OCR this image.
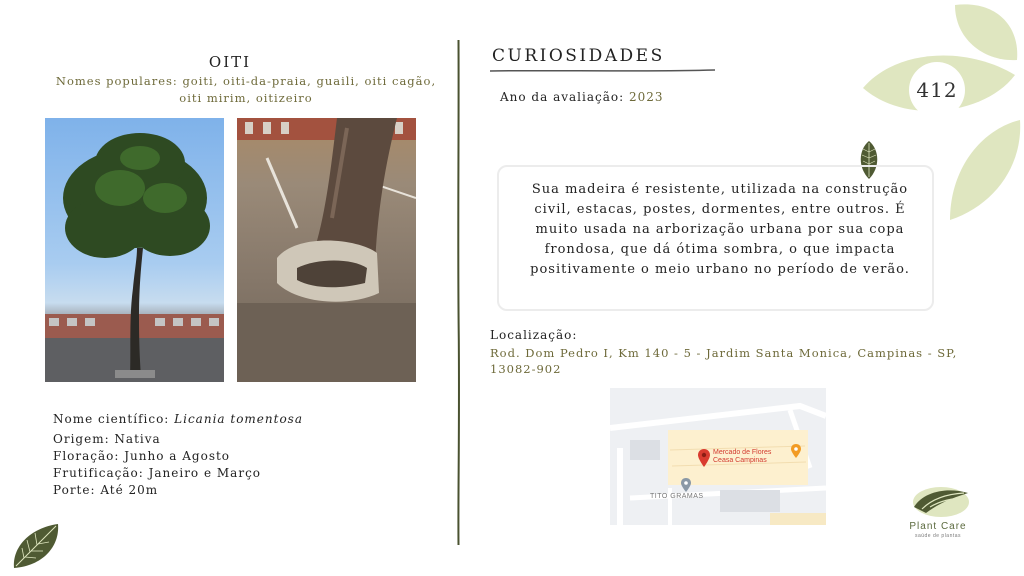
412
OITI
Nomes populares: goiti, oiti-da-praia, guaili, oiti cagão, oiti mirim, oitizeiro
Nome científico: Licania tomentosa
Origem: Nativa
Floração: Junho a Agosto
Frutificação: Janeiro e Março
Porte: Até 20m
CURIOSIDADES
Ano da avaliação: 2023
Sua madeira é resistente, utilizada na construção civil, estacas, postes, dormentes, entre outros. É muito usada na arborização urbana por sua copa frondosa, que dá ótima sombra, o que impacta positivamente o meio urbano no período de verão.
Localização:
Rod. Dom Pedro I, Km 140 - 5 - Jardim Santa Monica, Campinas - SP, 13082-902
Mercado de Flores
Ceasa Campinas
TITO GRAMAS
Plant Care
saúde de plantas
